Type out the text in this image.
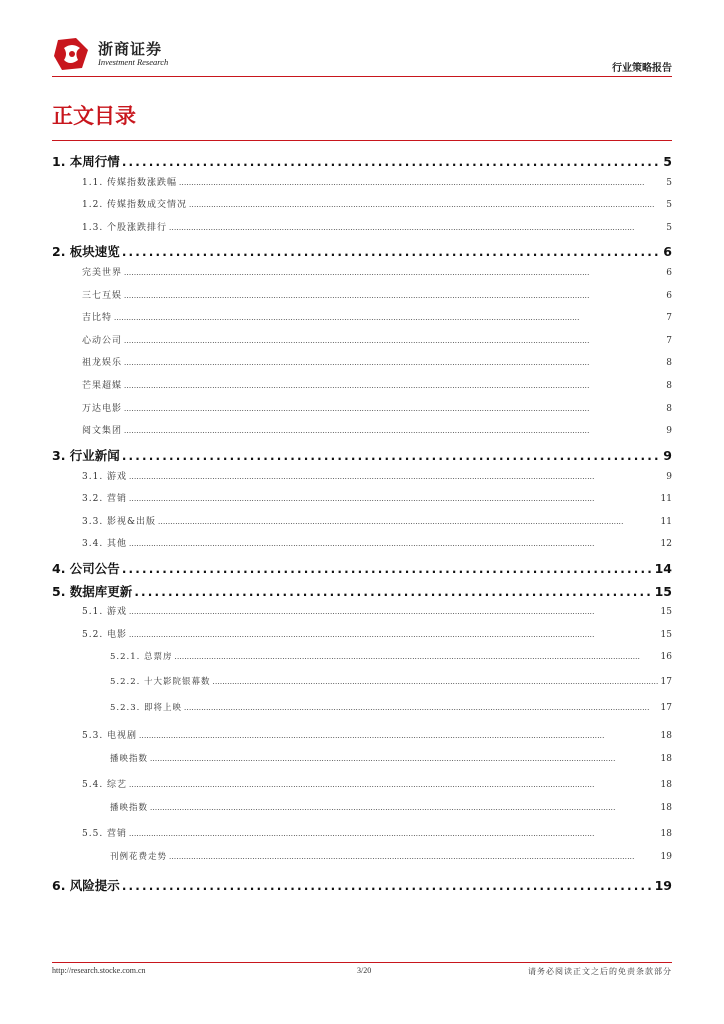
浙商证券
Investment Research
行业策略报告
正文目录
1. 本周行情 . . .	5
1.1. 传媒指数涨跌幅 . . .	5
1.2. 传媒指数成交情况 . . .	5
1.3. 个股涨跌排行 . . .	5
2. 板块速览 . . .	6
完美世界 . . .	6
三七互娱 . . .	6
吉比特 . . .	7
心动公司 . . .	7
祖龙娱乐 . . .	8
芒果超媒 . . .	8
万达电影 . . .	8
阅文集团 . . .	9
3. 行业新闻 . . .	9
3.1. 游戏 . . .	9
3.2. 营销 . . .	11
3.3. 影视&出版 . . .	11
3.4. 其他 . . .	12
4. 公司公告 . . .	14
5. 数据库更新 . . .	15
5.1. 游戏 . . .	15
5.2. 电影 . . .	15
5.2.1. 总票房 . . .	16
5.2.2. 十大影院银幕数 . . .	17
5.2.3. 即将上映 . . .	17
5.3. 电视剧 . . .	18
播映指数 . . .	18
5.4. 综艺 . . .	18
播映指数 . . .	18
5.5. 营销 . . .	18
刊例花费走势 . . .	19
6. 风险提示 . . .	19
http://research.stocke.com.cn	3/20	请务必阅读正文之后的免责条款部分
